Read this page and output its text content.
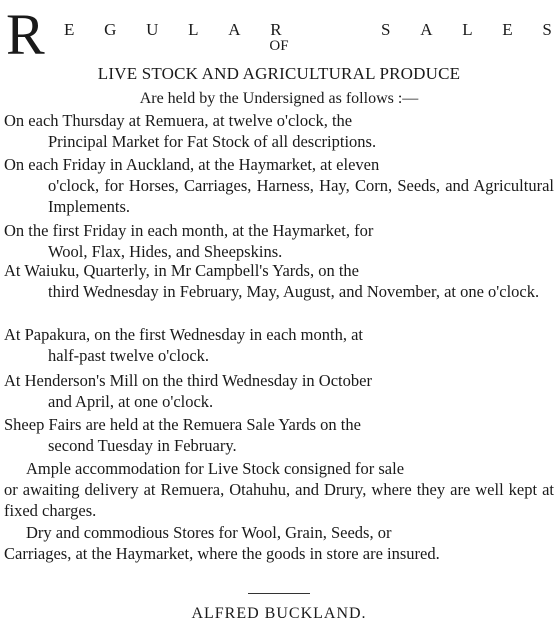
R E G U L A R	S A L E S
OF
LIVE STOCK AND AGRICULTURAL PRODUCE
Are held by the Undersigned as follows :—
On each Thursday at Remuera, at twelve o'clock, the
Principal Market for Fat Stock of all descriptions.
On each Friday in Auckland, at the Haymarket, at eleven
o'clock, for Horses, Carriages, Harness, Hay, Corn, Seeds, and Agricultural Implements.
On the first Friday in each month, at the Haymarket, for
Wool, Flax, Hides, and Sheepskins.
At Waiuku, Quarterly, in Mr Campbell's Yards, on the
third Wednesday in February, May, August, and November, at one o'clock.
At Papakura, on the first Wednesday in each month, at
half-past twelve o'clock.
At Henderson's Mill on the third Wednesday in October
and April, at one o'clock.
Sheep Fairs are held at the Remuera Sale Yards on the
second Tuesday in February.
Ample accommodation for Live Stock consigned for sale
or awaiting delivery at Remuera, Otahuhu, and Drury, where they are well kept at fixed charges.
Dry and commodious Stores for Wool, Grain, Seeds, or
Carriages, at the Haymarket, where the goods in store are insured.
ALFRED BUCKLAND.
